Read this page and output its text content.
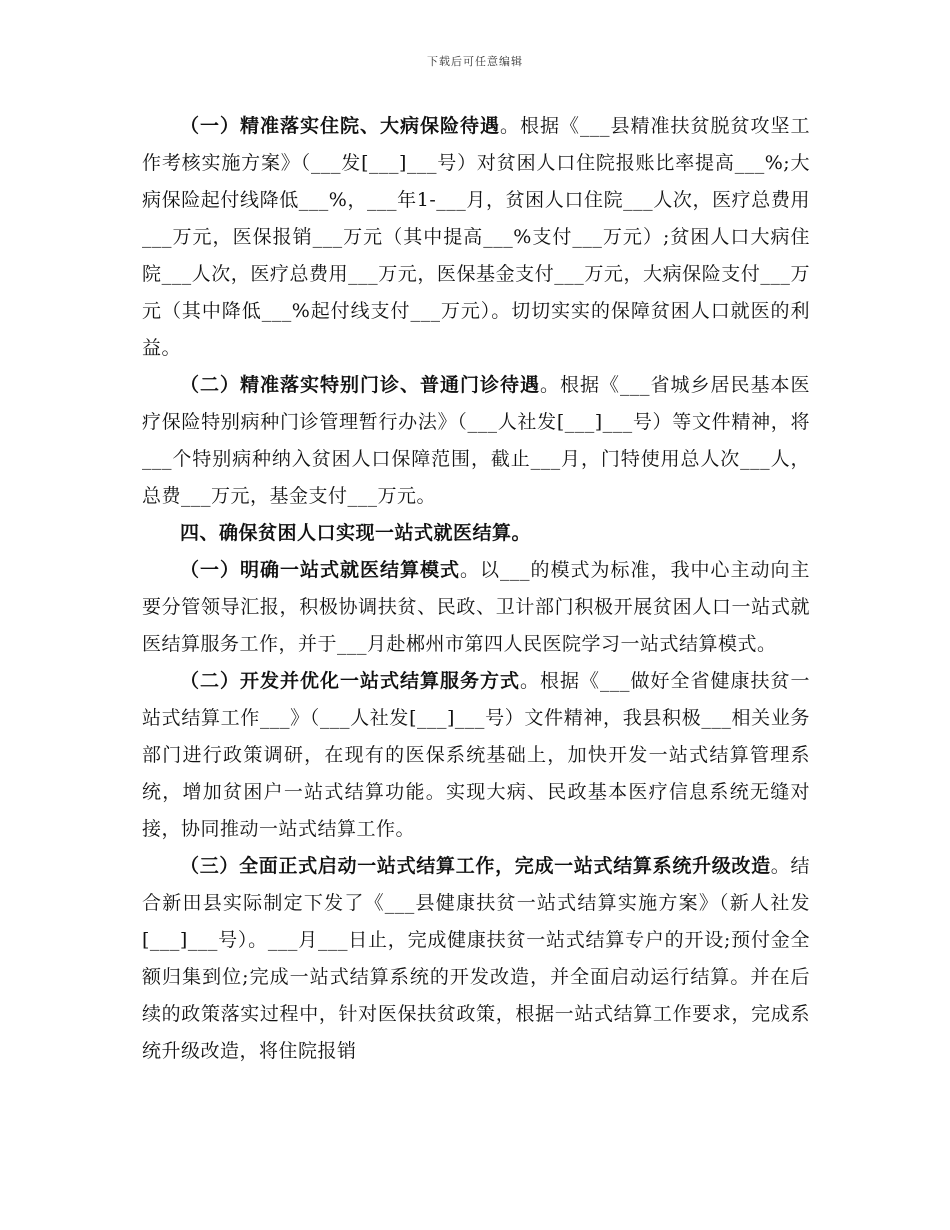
下载后可任意编辑

（一）精准落实住院、大病保险待遇。根据《___县精准扶贫脱贫攻坚工作考核实施方案》（___发[___]___号）对贫困人口住院报账比率提高___%;大病保险起付线降低___%，___年1-___月，贫困人口住院___人次，医疗总费用___万元，医保报销___万元（其中提高___%支付___万元）;贫困人口大病住院___人次，医疗总费用___万元，医保基金支付___万元，大病保险支付___万元（其中降低___%起付线支付___万元）。切切实实的保障贫困人口就医的利益。

（二）精准落实特别门诊、普通门诊待遇。根据《___省城乡居民基本医疗保险特别病种门诊管理暂行办法》（___人社发[___]___号）等文件精神，将___个特别病种纳入贫困人口保障范围，截止___月，门特使用总人次___人，总费___万元，基金支付___万元。

四、确保贫困人口实现一站式就医结算。

（一）明确一站式就医结算模式。以___的模式为标准，我中心主动向主要分管领导汇报，积极协调扶贫、民政、卫计部门积极开展贫困人口一站式就医结算服务工作，并于___月赴郴州市第四人民医院学习一站式结算模式。

（二）开发并优化一站式结算服务方式。根据《___做好全省健康扶贫一站式结算工作___》（___人社发[___]___号）文件精神，我县积极___相关业务部门进行政策调研，在现有的医保系统基础上，加快开发一站式结算管理系统，增加贫困户一站式结算功能。实现大病、民政基本医疗信息系统无缝对接，协同推动一站式结算工作。

（三）全面正式启动一站式结算工作，完成一站式结算系统升级改造。结合新田县实际制定下发了《___县健康扶贫一站式结算实施方案》（新人社发[___]___号）。___月___日止，完成健康扶贫一站式结算专户的开设;预付金全额归集到位;完成一站式结算系统的开发改造，并全面启动运行结算。并在后续的政策落实过程中，针对医保扶贫政策，根据一站式结算工作要求，完成系统升级改造，将住院报销
